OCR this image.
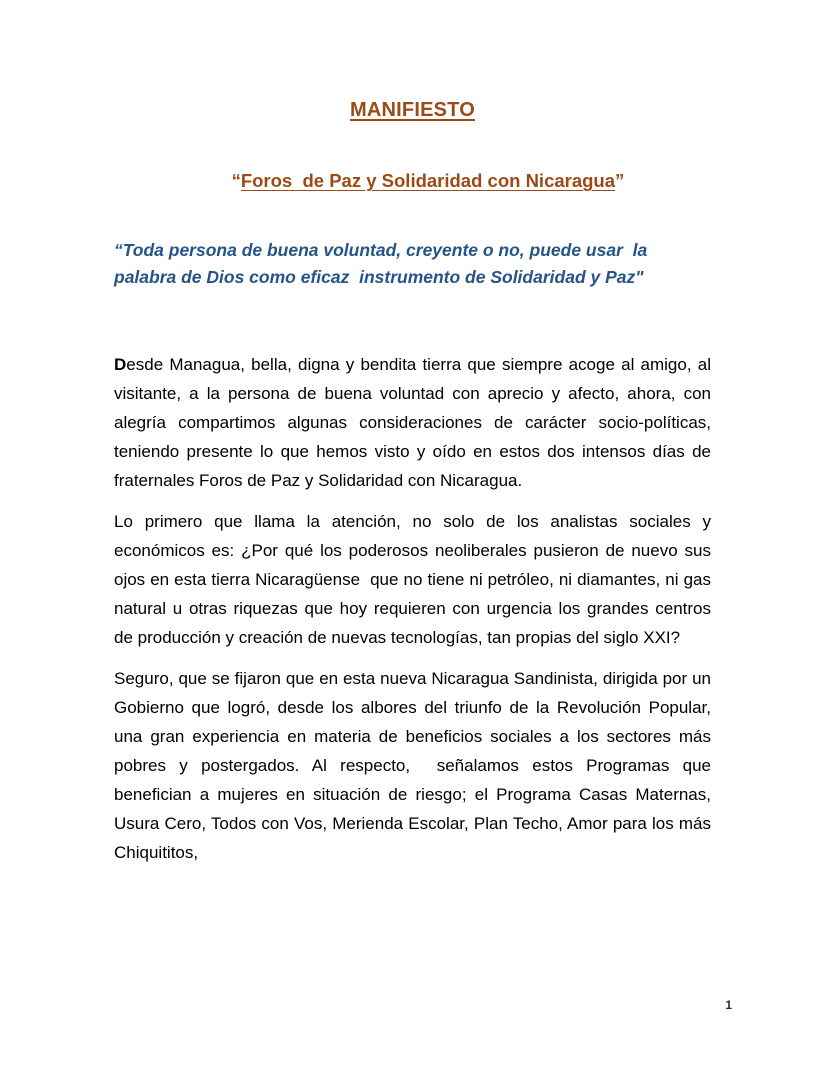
MANIFIESTO

“Foros  de Paz y Solidaridad con Nicaragua”

“Toda persona de buena voluntad, creyente o no, puede usar  la palabra de Dios como eficaz  instrumento de Solidaridad y Paz"

Desde Managua, bella, digna y bendita tierra que siempre acoge al amigo, al visitante, a la persona de buena voluntad con aprecio y afecto, ahora, con alegría compartimos algunas consideraciones de carácter socio-políticas, teniendo presente lo que hemos visto y oído en estos dos intensos días de fraternales Foros de Paz y Solidaridad con Nicaragua.

Lo primero que llama la atención, no solo de los analistas sociales y económicos es: ¿Por qué los poderosos neoliberales pusieron de nuevo sus ojos en esta tierra Nicaragüense  que no tiene ni petróleo, ni diamantes, ni gas natural u otras riquezas que hoy requieren con urgencia los grandes centros de producción y creación de nuevas tecnologías, tan propias del siglo XXI?

Seguro, que se fijaron que en esta nueva Nicaragua Sandinista, dirigida por un Gobierno que logró, desde los albores del triunfo de la Revolución Popular, una gran experiencia en materia de beneficios sociales a los sectores más pobres y postergados. Al respecto,  señalamos estos Programas que benefician a mujeres en situación de riesgo; el Programa Casas Maternas,  Usura Cero, Todos con Vos, Merienda Escolar, Plan Techo, Amor para los más Chiquititos,

1
